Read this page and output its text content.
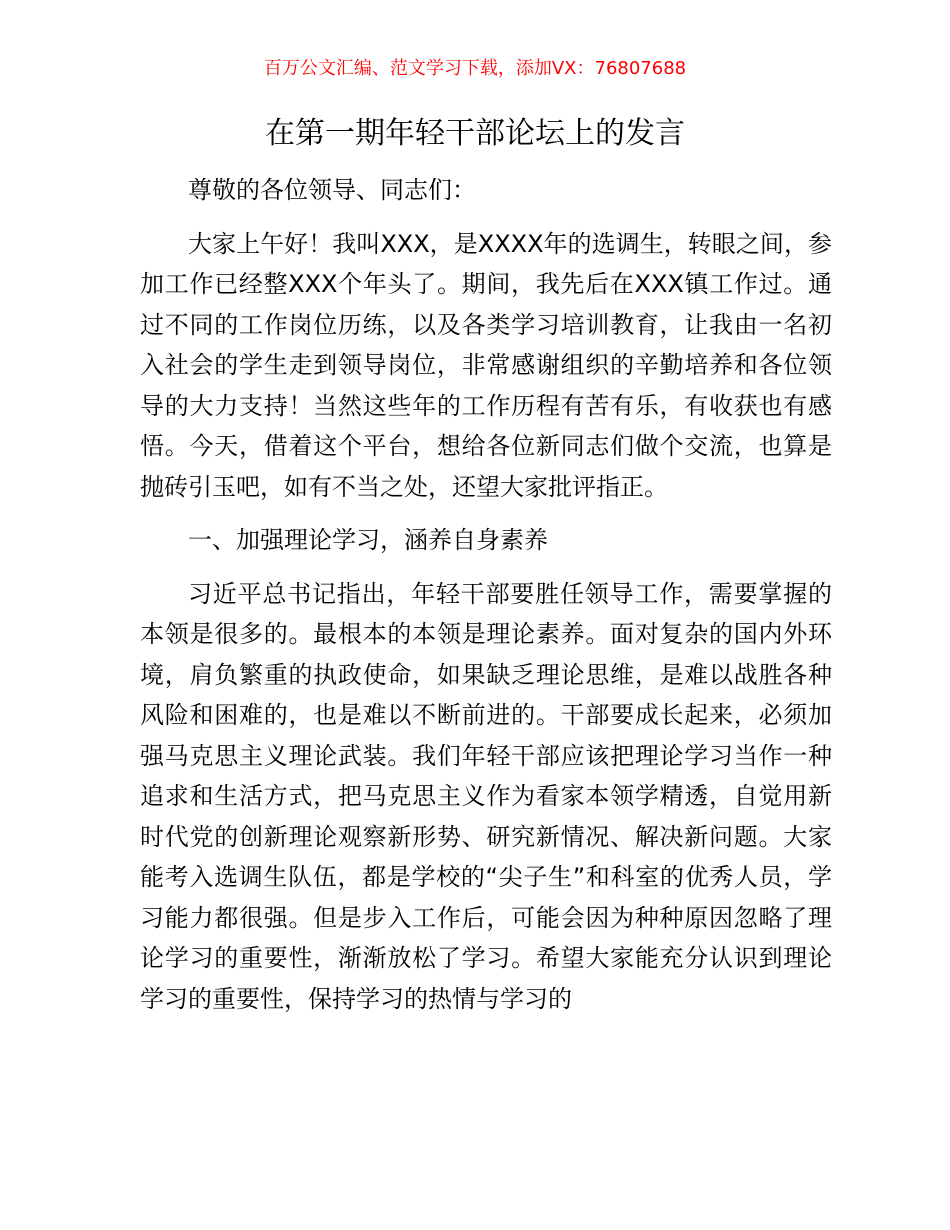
百万公文汇编、范文学习下载，添加VX：76807688
在第一期年轻干部论坛上的发言

尊敬的各位领导、同志们：

大家上午好！我叫XXX，是XXXX年的选调生，转眼之间，参加工作已经整XXX个年头了。期间，我先后在XXX镇工作过。通过不同的工作岗位历练，以及各类学习培训教育，让我由一名初入社会的学生走到领导岗位，非常感谢组织的辛勤培养和各位领导的大力支持！当然这些年的工作历程有苦有乐，有收获也有感悟。今天，借着这个平台，想给各位新同志们做个交流，也算是抛砖引玉吧，如有不当之处，还望大家批评指正。

一、加强理论学习，涵养自身素养

习近平总书记指出，年轻干部要胜任领导工作，需要掌握的本领是很多的。最根本的本领是理论素养。面对复杂的国内外环境，肩负繁重的执政使命，如果缺乏理论思维，是难以战胜各种风险和困难的，也是难以不断前进的。干部要成长起来，必须加强马克思主义理论武装。我们年轻干部应该把理论学习当作一种追求和生活方式，把马克思主义作为看家本领学精透，自觉用新时代党的创新理论观察新形势、研究新情况、解决新问题。大家能考入选调生队伍，都是学校的“尖子生”和科室的优秀人员，学习能力都很强。但是步入工作后，可能会因为种种原因忽略了理论学习的重要性，渐渐放松了学习。希望大家能充分认识到理论学习的重要性，保持学习的热情与学习的
